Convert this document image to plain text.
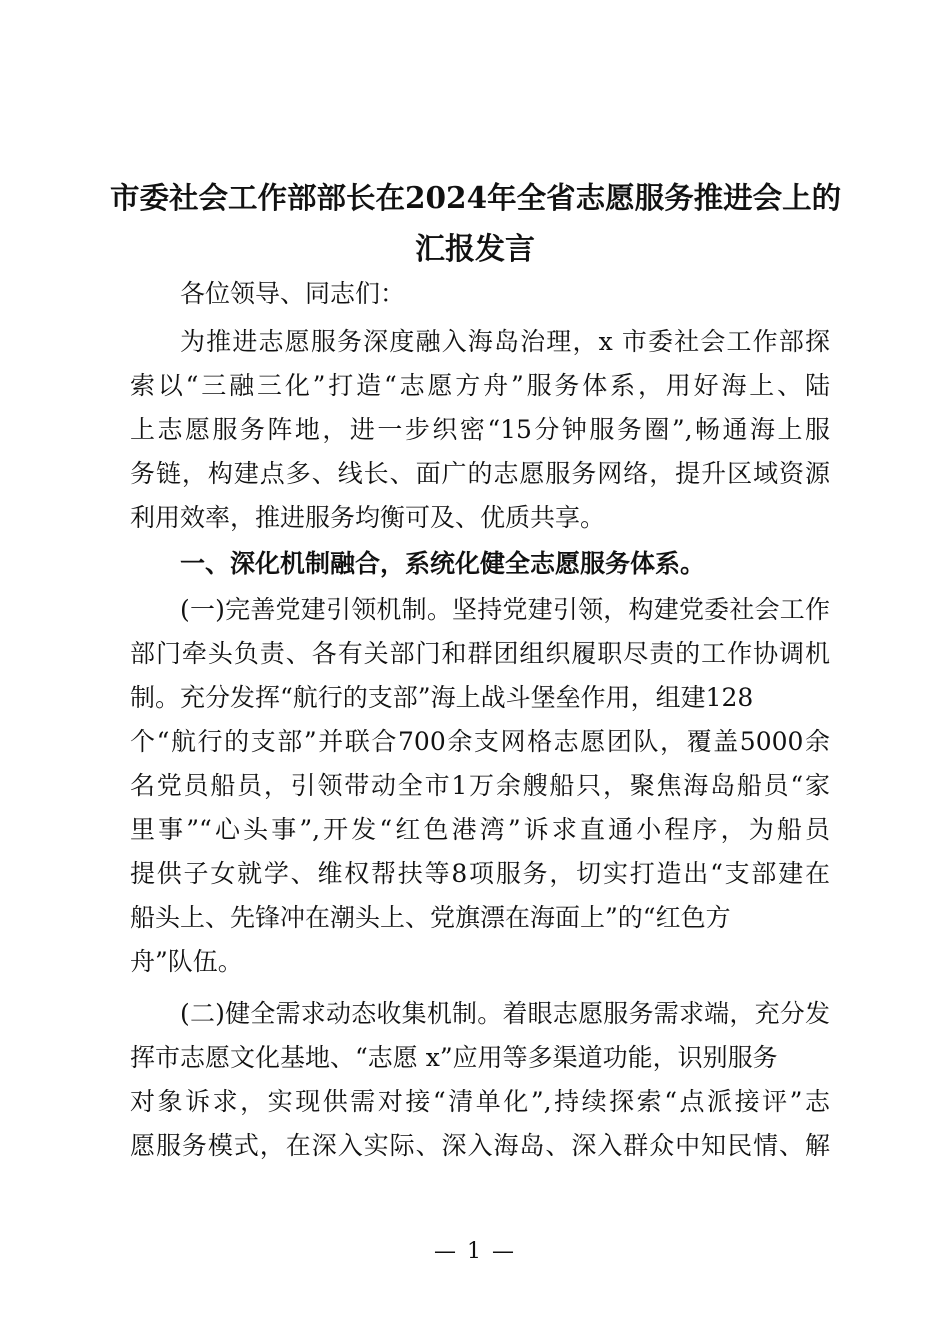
市委社会工作部部长在2024年全省志愿服务推进会上的
汇报发言
各位领导、同志们：
为推进志愿服务深度融入海岛治理，x 市委社会工作部探
索以“三融三化”打造“志愿方舟”服务体系，用好海上、陆
上志愿服务阵地，进一步织密“15分钟服务圈”,畅通海上服
务链，构建点多、线长、面广的志愿服务网络，提升区域资源
利用效率，推进服务均衡可及、优质共享。
一、深化机制融合，系统化健全志愿服务体系。
(一)完善党建引领机制。坚持党建引领，构建党委社会工作
部门牵头负责、各有关部门和群团组织履职尽责的工作协调机
制。充分发挥“航行的支部”海上战斗堡垒作用，组建128
个“航行的支部”并联合700余支网格志愿团队，覆盖5000余
名党员船员，引领带动全市1万余艘船只，聚焦海岛船员“家
里事”“心头事”,开发“红色港湾”诉求直通小程序，为船员
提供子女就学、维权帮扶等8项服务，切实打造出“支部建在
船头上、先锋冲在潮头上、党旗漂在海面上”的“红色方
舟”队伍。
(二)健全需求动态收集机制。着眼志愿服务需求端，充分发
挥市志愿文化基地、“志愿 x”应用等多渠道功能，识别服务
对象诉求，实现供需对接“清单化”,持续探索“点派接评”志
愿服务模式，在深入实际、深入海岛、深入群众中知民情、解
— 1 —
